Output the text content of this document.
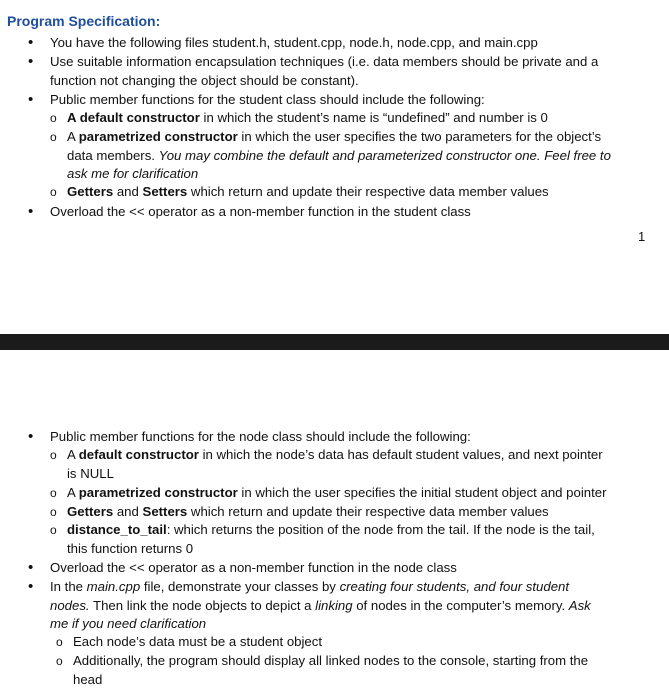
Program Specification:
• You have the following files student.h, student.cpp, node.h, node.cpp, and main.cpp
• Use suitable information encapsulation techniques (i.e. data members should be private and a
function not changing the object should be constant).
• Public member functions for the student class should include the following:
o A default constructor in which the student’s name is “undefined” and number is 0
o A parametrized constructor in which the user specifies the two parameters for the object’s
data members. You may combine the default and parameterized constructor one. Feel free to
ask me for clarification
o Getters and Setters which return and update their respective data member values
• Overload the << operator as a non-member function in the student class
1
• Public member functions for the node class should include the following:
o A default constructor in which the node’s data has default student values, and next pointer
is NULL
o A parametrized constructor in which the user specifies the initial student object and pointer
o Getters and Setters which return and update their respective data member values
o distance_to_tail: which returns the position of the node from the tail. If the node is the tail,
this function returns 0
• Overload the << operator as a non-member function in the node class
• In the main.cpp file, demonstrate your classes by creating four students, and four student
nodes. Then link the node objects to depict a linking of nodes in the computer’s memory. Ask
me if you need clarification
o Each node’s data must be a student object
o Additionally, the program should display all linked nodes to the console, starting from the
head
